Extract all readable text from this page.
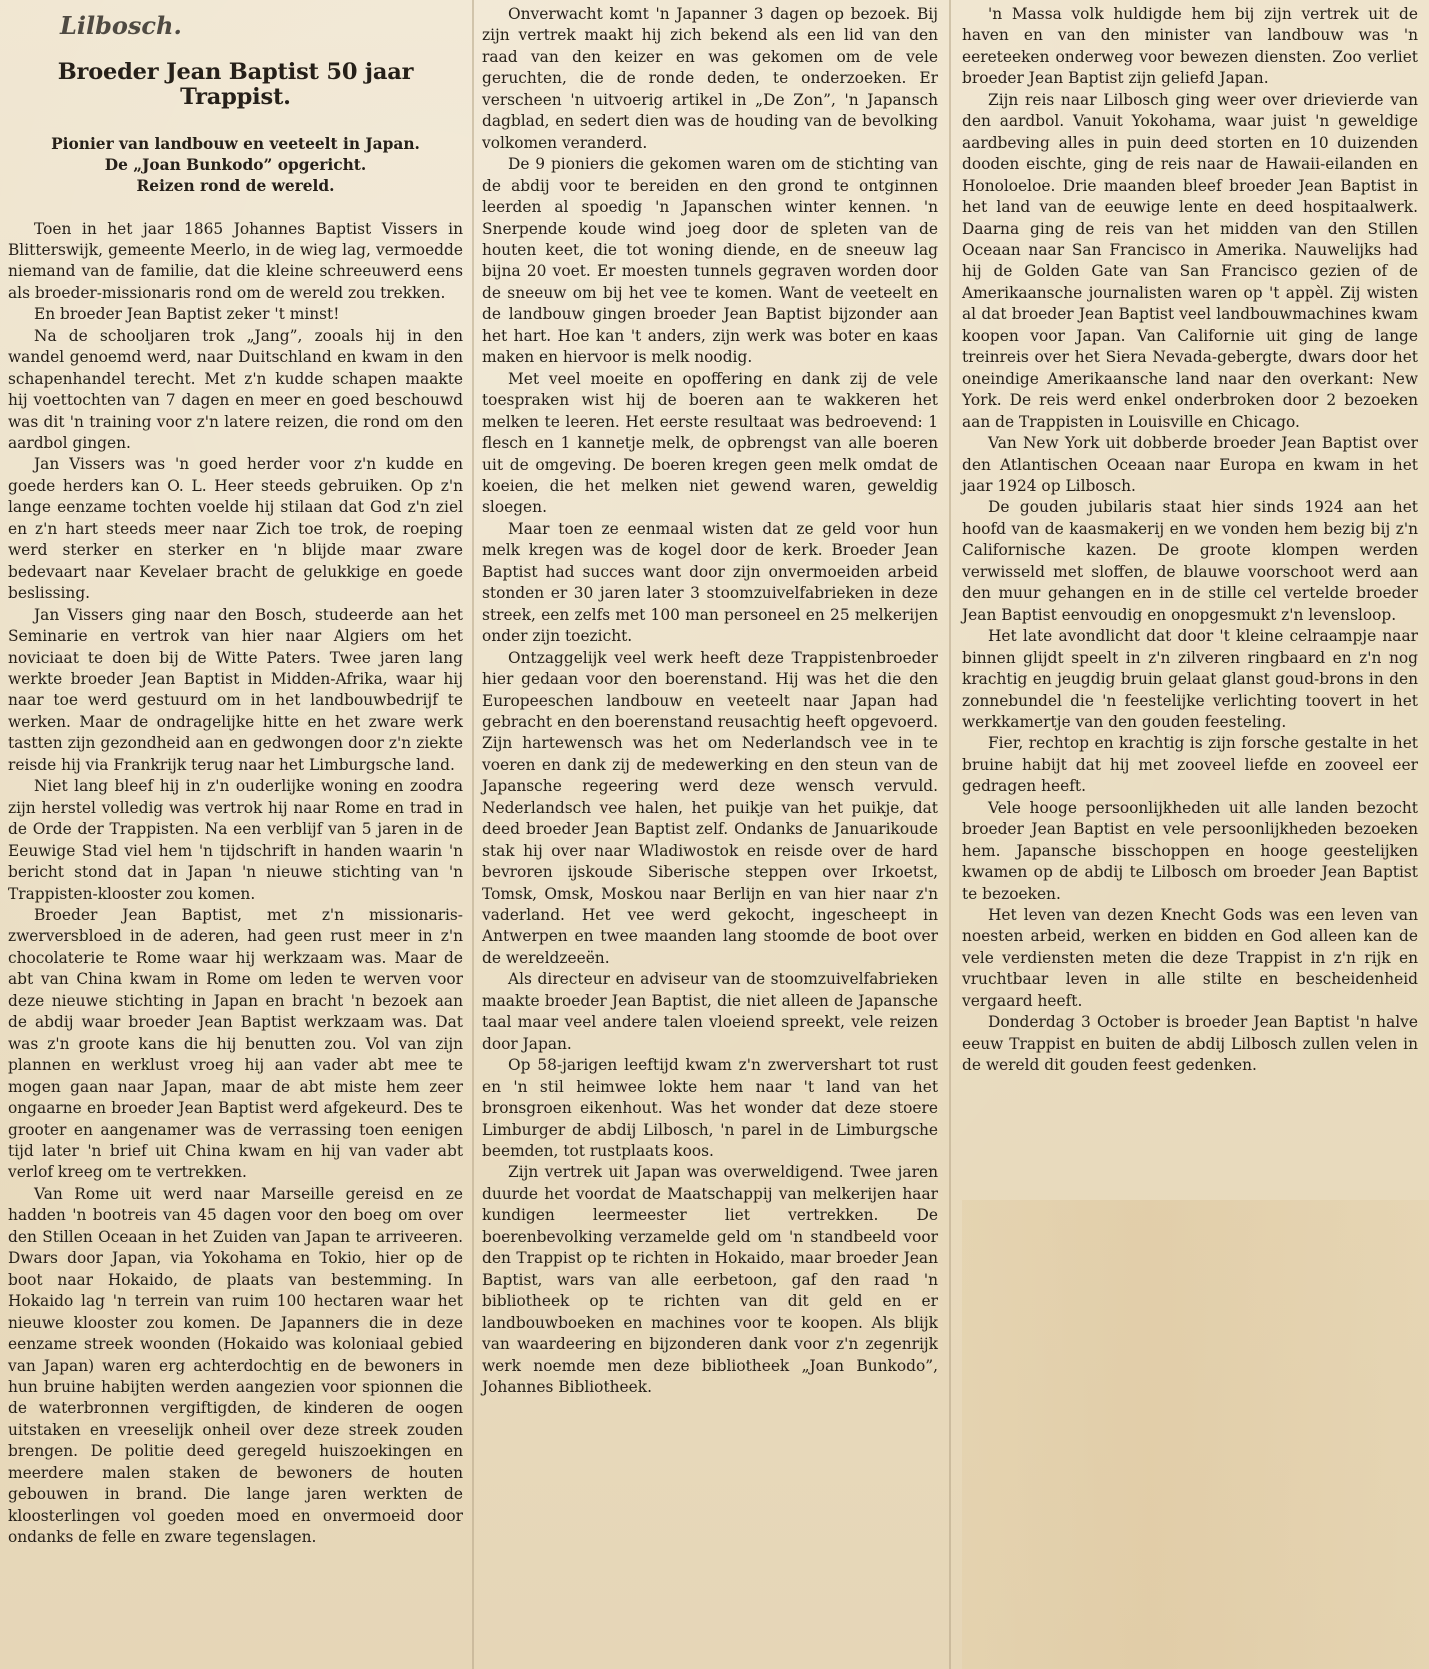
Lilbosch.
Broeder Jean Baptist 50 jaar Trappist.

Pionier van landbouw en veeteelt in Japan.

De „Joan Bunkodo” opgericht.

Reizen rond de wereld.

Toen in het jaar 1865 Johannes Baptist Vissers in Blitterswijk, gemeente Meerlo, in de wieg lag, vermoedde niemand van de familie, dat die kleine schreeuwerd eens als broeder-missionaris rond om de wereld zou trekken.

En broeder Jean Baptist zeker 't minst!

Na de schooljaren trok „Jang”, zooals hij in den wandel genoemd werd, naar Duitschland en kwam in den schapenhandel terecht. Met z'n kudde schapen maakte hij voettochten van 7 dagen en meer en goed beschouwd was dit 'n training voor z'n latere reizen, die rond om den aardbol gingen.

Jan Vissers was 'n goed herder voor z'n kudde en goede herders kan O. L. Heer steeds gebruiken. Op z'n lange eenzame tochten voelde hij stilaan dat God z'n ziel en z'n hart steeds meer naar Zich toe trok, de roeping werd sterker en sterker en 'n blijde maar zware bedevaart naar Kevelaer bracht de gelukkige en goede beslissing.

Jan Vissers ging naar den Bosch, studeerde aan het Seminarie en vertrok van hier naar Algiers om het noviciaat te doen bij de Witte Paters. Twee jaren lang werkte broeder Jean Baptist in Midden-Afrika, waar hij naar toe werd gestuurd om in het landbouwbedrijf te werken. Maar de ondragelijke hitte en het zware werk tastten zijn gezondheid aan en gedwongen door z'n ziekte reisde hij via Frankrijk terug naar het Limburgsche land.

Niet lang bleef hij in z'n ouderlijke woning en zoodra zijn herstel volledig was vertrok hij naar Rome en trad in de Orde der Trappisten. Na een verblijf van 5 jaren in de Eeuwige Stad viel hem 'n tijdschrift in handen waarin 'n bericht stond dat in Japan 'n nieuwe stichting van 'n Trappisten-klooster zou komen.

Broeder Jean Baptist, met z'n missionaris-zwerversbloed in de aderen, had geen rust meer in z'n chocolaterie te Rome waar hij werkzaam was. Maar de abt van China kwam in Rome om leden te werven voor deze nieuwe stichting in Japan en bracht 'n bezoek aan de abdij waar broeder Jean Baptist werkzaam was. Dat was z'n groote kans die hij benutten zou. Vol van zijn plannen en werklust vroeg hij aan vader abt mee te mogen gaan naar Japan, maar de abt miste hem zeer ongaarne en broeder Jean Baptist werd afgekeurd. Des te grooter en aangenamer was de verrassing toen eenigen tijd later 'n brief uit China kwam en hij van vader abt verlof kreeg om te vertrekken.

Van Rome uit werd naar Marseille gereisd en ze hadden 'n bootreis van 45 dagen voor den boeg om over den Stillen Oceaan in het Zuiden van Japan te arriveeren. Dwars door Japan, via Yokohama en Tokio, hier op de boot naar Hokaido, de plaats van bestemming. In Hokaido lag 'n terrein van ruim 100 hectaren waar het nieuwe klooster zou komen. De Japanners die in deze eenzame streek woonden (Hokaido was koloniaal gebied van Japan) waren erg achterdochtig en de bewoners in hun bruine habijten werden aangezien voor spionnen die de waterbronnen vergiftigden, de kinderen de oogen uitstaken en vreeselijk onheil over deze streek zouden brengen. De politie deed geregeld huiszoekingen en meerdere malen staken de bewoners de houten gebouwen in brand. Die lange jaren werkten de kloosterlingen vol goeden moed en onvermoeid door ondanks de felle en zware tegenslagen.

Onverwacht komt 'n Japanner 3 dagen op bezoek. Bij zijn vertrek maakt hij zich bekend als een lid van den raad van den keizer en was gekomen om de vele geruchten, die de ronde deden, te onderzoeken. Er verscheen 'n uitvoerig artikel in „De Zon”, 'n Japansch dagblad, en sedert dien was de houding van de bevolking volkomen veranderd.

De 9 pioniers die gekomen waren om de stichting van de abdij voor te bereiden en den grond te ontginnen leerden al spoedig 'n Japanschen winter kennen. 'n Snerpende koude wind joeg door de spleten van de houten keet, die tot woning diende, en de sneeuw lag bijna 20 voet. Er moesten tunnels gegraven worden door de sneeuw om bij het vee te komen. Want de veeteelt en de landbouw gingen broeder Jean Baptist bijzonder aan het hart. Hoe kan 't anders, zijn werk was boter en kaas maken en hiervoor is melk noodig.

Met veel moeite en opoffering en dank zij de vele toespraken wist hij de boeren aan te wakkeren het melken te leeren. Het eerste resultaat was bedroevend: 1 flesch en 1 kannetje melk, de opbrengst van alle boeren uit de omgeving. De boeren kregen geen melk omdat de koeien, die het melken niet gewend waren, geweldig sloegen.

Maar toen ze eenmaal wisten dat ze geld voor hun melk kregen was de kogel door de kerk. Broeder Jean Baptist had succes want door zijn onvermoeiden arbeid stonden er 30 jaren later 3 stoomzuivelfabrieken in deze streek, een zelfs met 100 man personeel en 25 melkerijen onder zijn toezicht.

Ontzaggelijk veel werk heeft deze Trappistenbroeder hier gedaan voor den boerenstand. Hij was het die den Europeeschen landbouw en veeteelt naar Japan had gebracht en den boerenstand reusachtig heeft opgevoerd. Zijn hartewensch was het om Nederlandsch vee in te voeren en dank zij de medewerking en den steun van de Japansche regeering werd deze wensch vervuld. Nederlandsch vee halen, het puikje van het puikje, dat deed broeder Jean Baptist zelf. Ondanks de Januarikoude stak hij over naar Wladiwostok en reisde over de hard bevroren ijskoude Siberische steppen over Irkoetst, Tomsk, Omsk, Moskou naar Berlijn en van hier naar z'n vaderland. Het vee werd gekocht, ingescheept in Antwerpen en twee maanden lang stoomde de boot over de wereldzeeën.

Als directeur en adviseur van de stoomzuivelfabrieken maakte broeder Jean Baptist, die niet alleen de Japansche taal maar veel andere talen vloeiend spreekt, vele reizen door Japan.

Op 58-jarigen leeftijd kwam z'n zwervershart tot rust en 'n stil heimwee lokte hem naar 't land van het bronsgroen eikenhout. Was het wonder dat deze stoere Limburger de abdij Lilbosch, 'n parel in de Limburgsche beemden, tot rustplaats koos.

Zijn vertrek uit Japan was overweldigend. Twee jaren duurde het voordat de Maatschappij van melkerijen haar kundigen leermeester liet vertrekken. De boerenbevolking verzamelde geld om 'n standbeeld voor den Trappist op te richten in Hokaido, maar broeder Jean Baptist, wars van alle eerbetoon, gaf den raad 'n bibliotheek op te richten van dit geld en er landbouwboeken en machines voor te koopen. Als blijk van waardeering en bijzonderen dank voor z'n zegenrijk werk noemde men deze bibliotheek „Joan Bunkodo”, Johannes Bibliotheek.

'n Massa volk huldigde hem bij zijn vertrek uit de haven en van den minister van landbouw was 'n eereteeken onderweg voor bewezen diensten. Zoo verliet broeder Jean Baptist zijn geliefd Japan.

Zijn reis naar Lilbosch ging weer over drievierde van den aardbol. Vanuit Yokohama, waar juist 'n geweldige aardbeving alles in puin deed storten en 10 duizenden dooden eischte, ging de reis naar de Hawaii-eilanden en Honoloeloe. Drie maanden bleef broeder Jean Baptist in het land van de eeuwige lente en deed hospitaalwerk. Daarna ging de reis van het midden van den Stillen Oceaan naar San Francisco in Amerika. Nauwelijks had hij de Golden Gate van San Francisco gezien of de Amerikaansche journalisten waren op 't appèl. Zij wisten al dat broeder Jean Baptist veel landbouwmachines kwam koopen voor Japan. Van Californie uit ging de lange treinreis over het Siera Nevada-gebergte, dwars door het oneindige Amerikaansche land naar den overkant: New York. De reis werd enkel onderbroken door 2 bezoeken aan de Trappisten in Louisville en Chicago.

Van New York uit dobberde broeder Jean Baptist over den Atlantischen Oceaan naar Europa en kwam in het jaar 1924 op Lilbosch.

De gouden jubilaris staat hier sinds 1924 aan het hoofd van de kaasmakerij en we vonden hem bezig bij z'n Californische kazen. De groote klompen werden verwisseld met sloffen, de blauwe voorschoot werd aan den muur gehangen en in de stille cel vertelde broeder Jean Baptist eenvoudig en onopgesmukt z'n levensloop.

Het late avondlicht dat door 't kleine celraampje naar binnen glijdt speelt in z'n zilveren ringbaard en z'n nog krachtig en jeugdig bruin gelaat glanst goud-brons in den zonnebundel die 'n feestelijke verlichting toovert in het werkkamertje van den gouden feesteling.

Fier, rechtop en krachtig is zijn forsche gestalte in het bruine habijt dat hij met zooveel liefde en zooveel eer gedragen heeft.

Vele hooge persoonlijkheden uit alle landen bezocht broeder Jean Baptist en vele persoonlijkheden bezoeken hem. Japansche bisschoppen en hooge geestelijken kwamen op de abdij te Lilbosch om broeder Jean Baptist te bezoeken.

Het leven van dezen Knecht Gods was een leven van noesten arbeid, werken en bidden en God alleen kan de vele verdiensten meten die deze Trappist in z'n rijk en vruchtbaar leven in alle stilte en bescheidenheid vergaard heeft.

Donderdag 3 October is broeder Jean Baptist 'n halve eeuw Trappist en buiten de abdij Lilbosch zullen velen in de wereld dit gouden feest gedenken.
